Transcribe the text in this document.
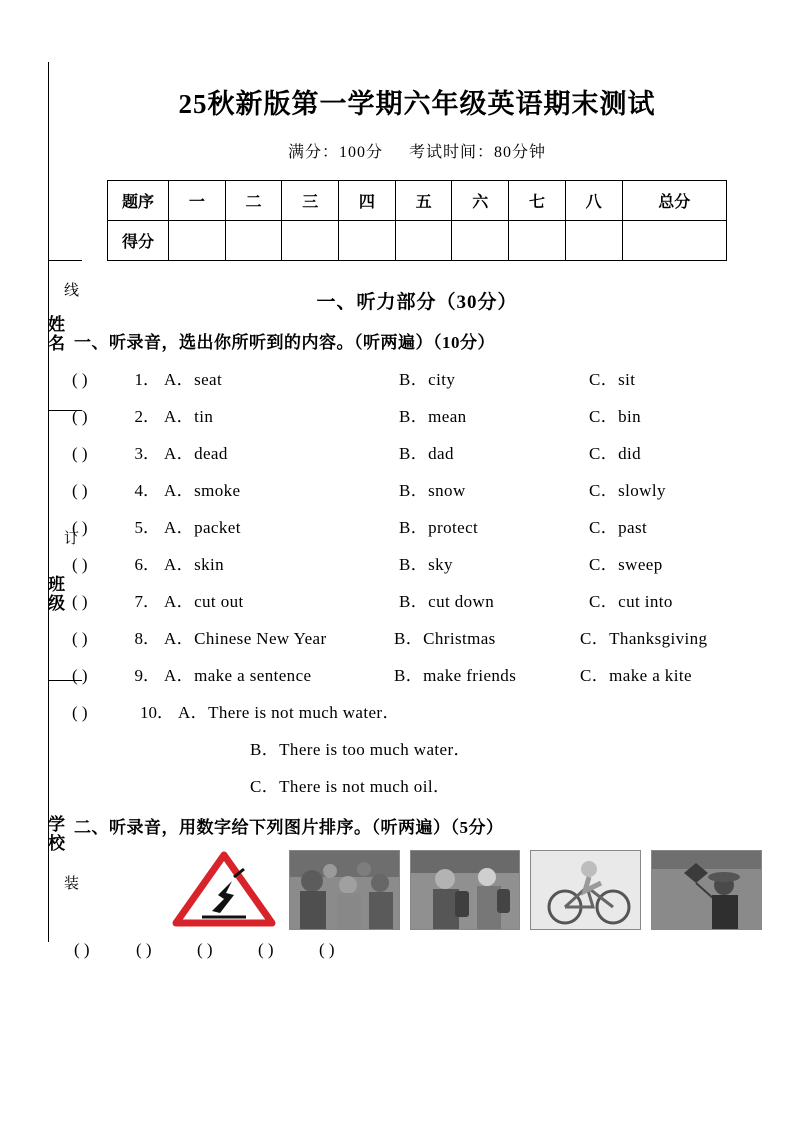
线
姓名
订
班级
学校
装
25秋新版第一学期六年级英语期末测试
满分：100分 考试时间：80分钟
题序	一	二	三	四	五	六	七	八	总分
得分									
一、听力部分（30分）
一、听录音，选出你所听到的内容。（听两遍）（10分）
( )	1． A．seat	B．city	C．sit
( )	2． A．tin	B．mean	C．bin
( )	3． A．dead	B．dad	C．did
( )	4． A．smoke	B．snow	C．slowly
( )	5． A．packet	B．protect	C．past
( )	6． A．skin	B．sky	C．sweep
( )	7． A．cut out	B．cut down	C．cut into
( )	8． A．Chinese New Year	B．Christmas	C．Thanksgiving
( )	9． A．make a sentence	B．make friends	C．make a kite
( )	10． A．There is not much water．
B．There is too much water．
C．There is not much oil．
二、听录音，用数字给下列图片排序。（听两遍）（5分）
( )	( )	( )	( )	( )
